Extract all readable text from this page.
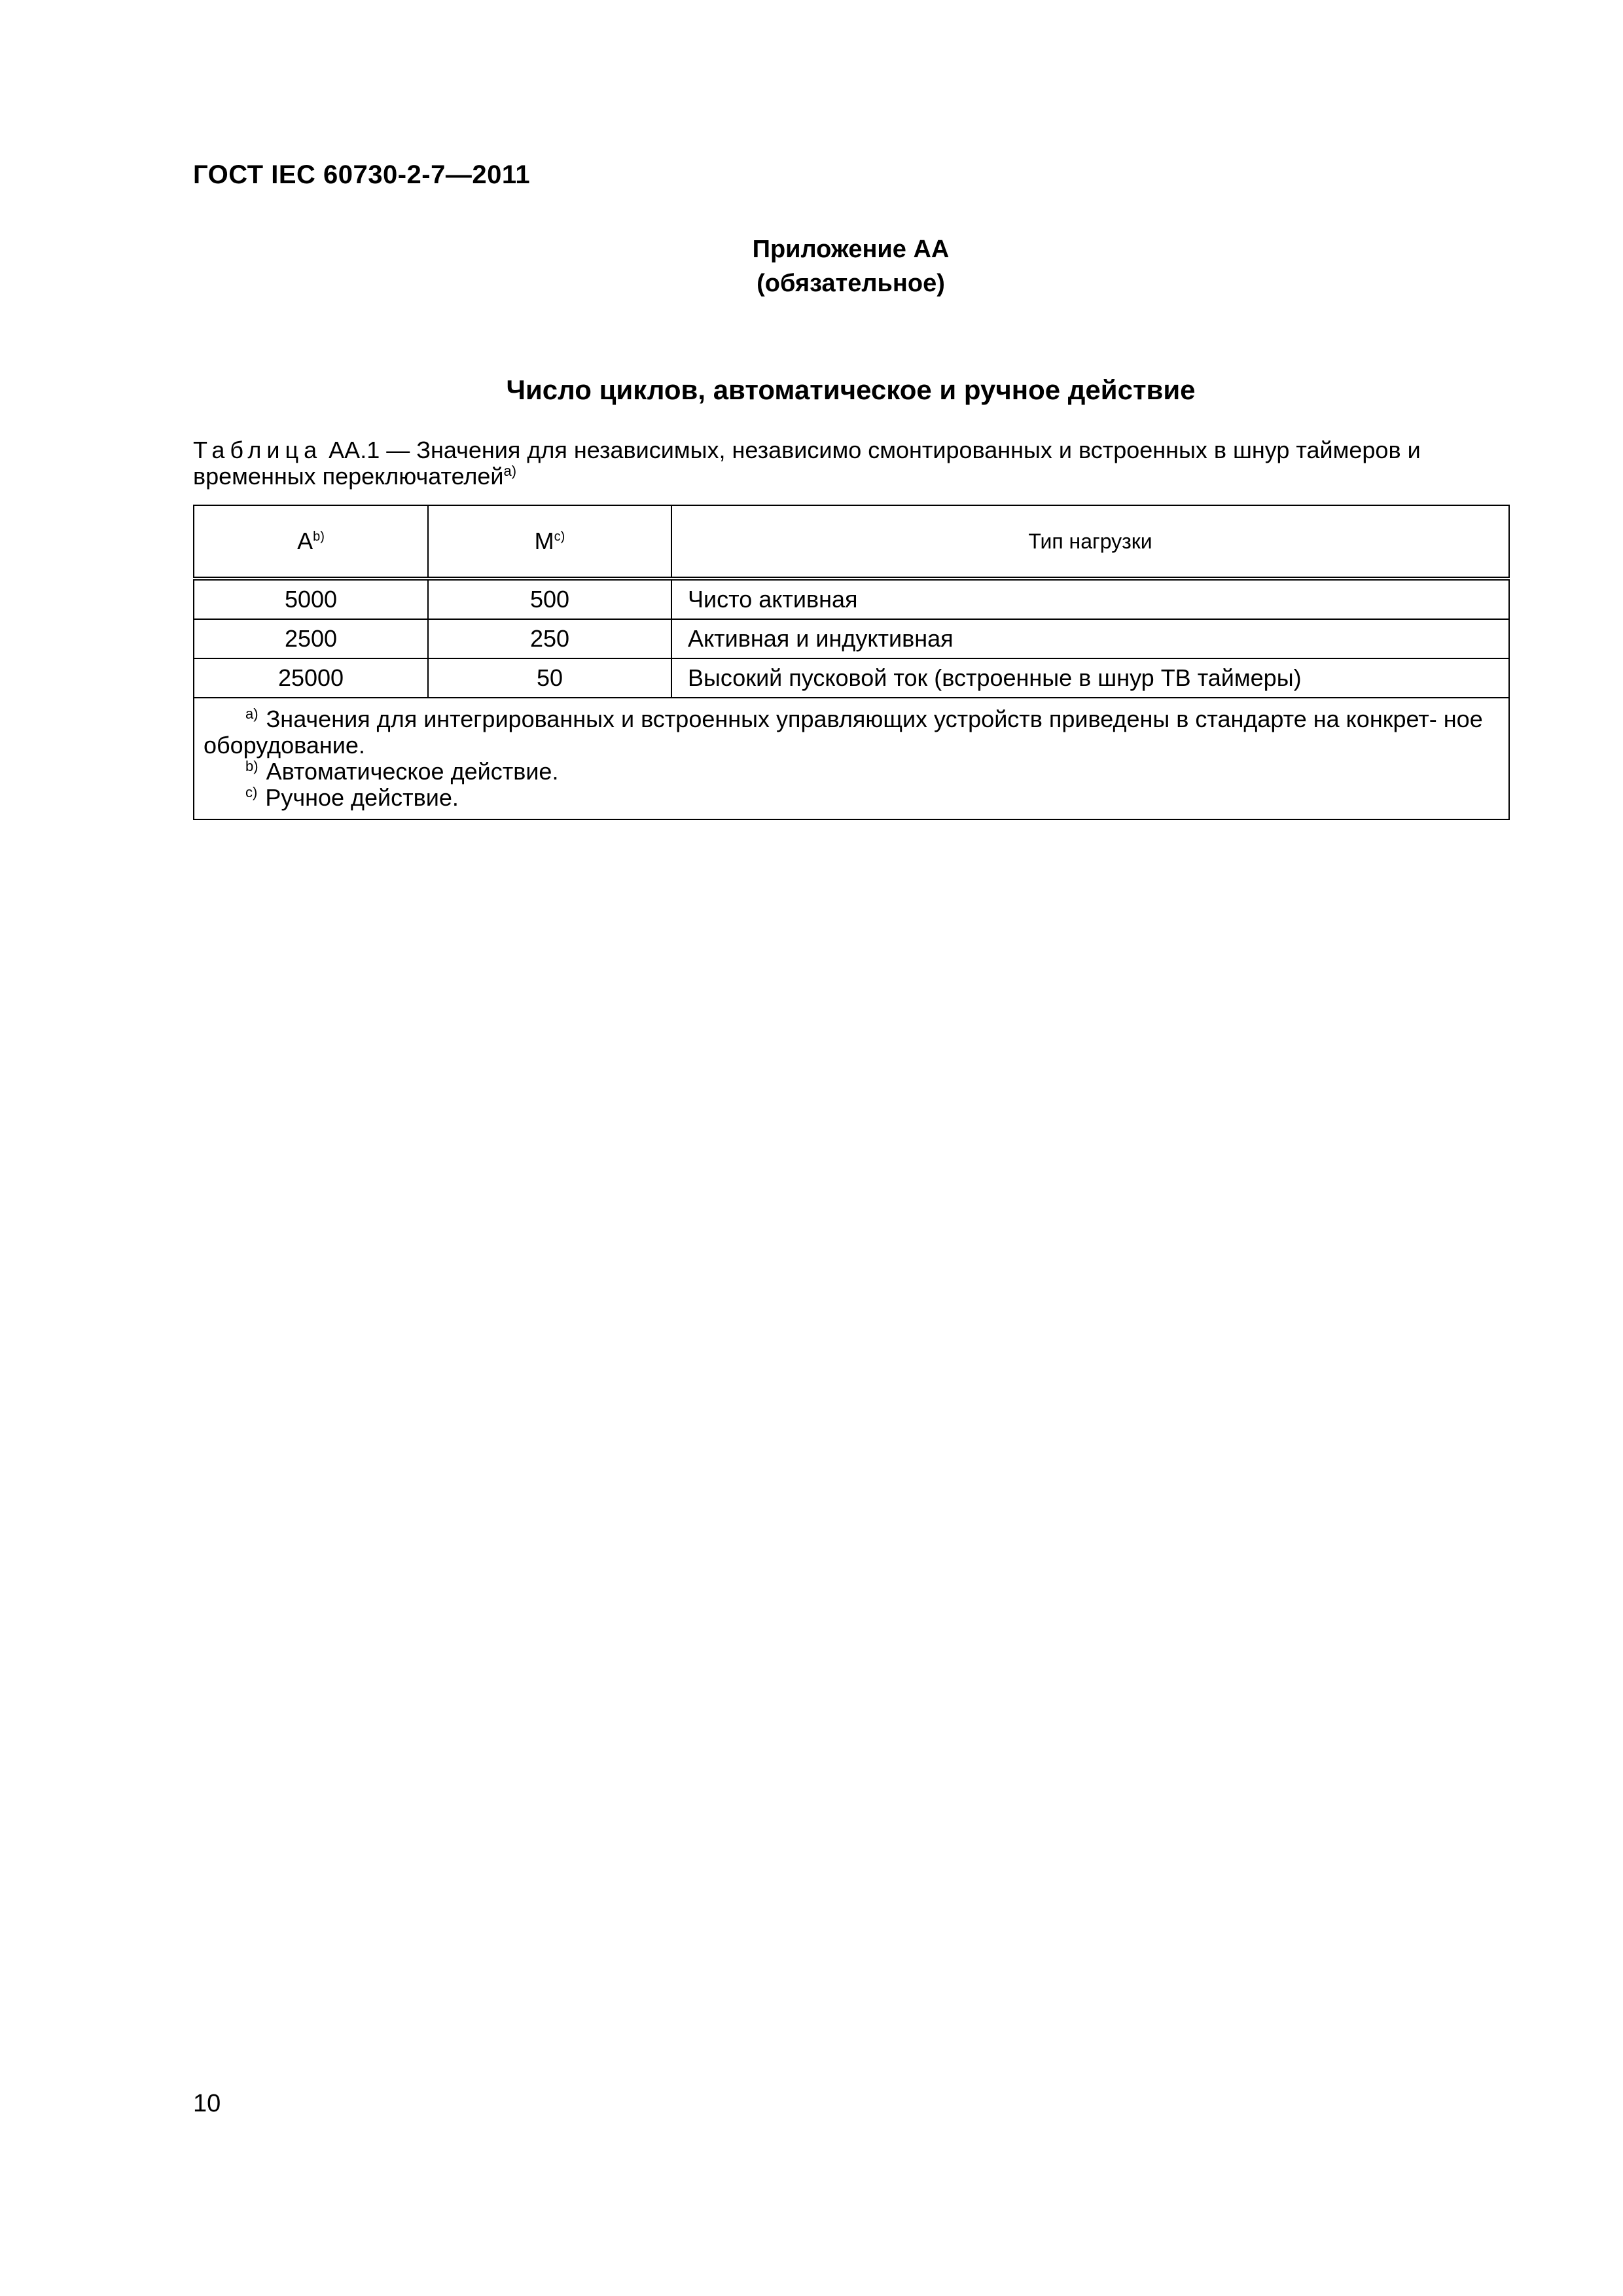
ГОСТ IEC 60730-2-7—2011
Приложение АА
(обязательное)
Число циклов, автоматическое и ручное действие
Таблица АА.1 — Значения для независимых, независимо смонтированных и встроенных в шнур таймеров и временных переключателей$^{a)}$
$A^{b)}$	$M^{c)}$	Тип нагрузки
5000	500	Чисто активная
2500	250	Активная и индуктивная
25000	50	Высокий пусковой ток (встроенные в шнур ТВ таймеры)

$^{a)}$ Значения для интегрированных и встроенных управляющих устройств приведены в стандарте на конкрет- ное оборудование.
$^{b)}$ Автоматическое действие.
$^{c)}$ Ручное действие.		
10
